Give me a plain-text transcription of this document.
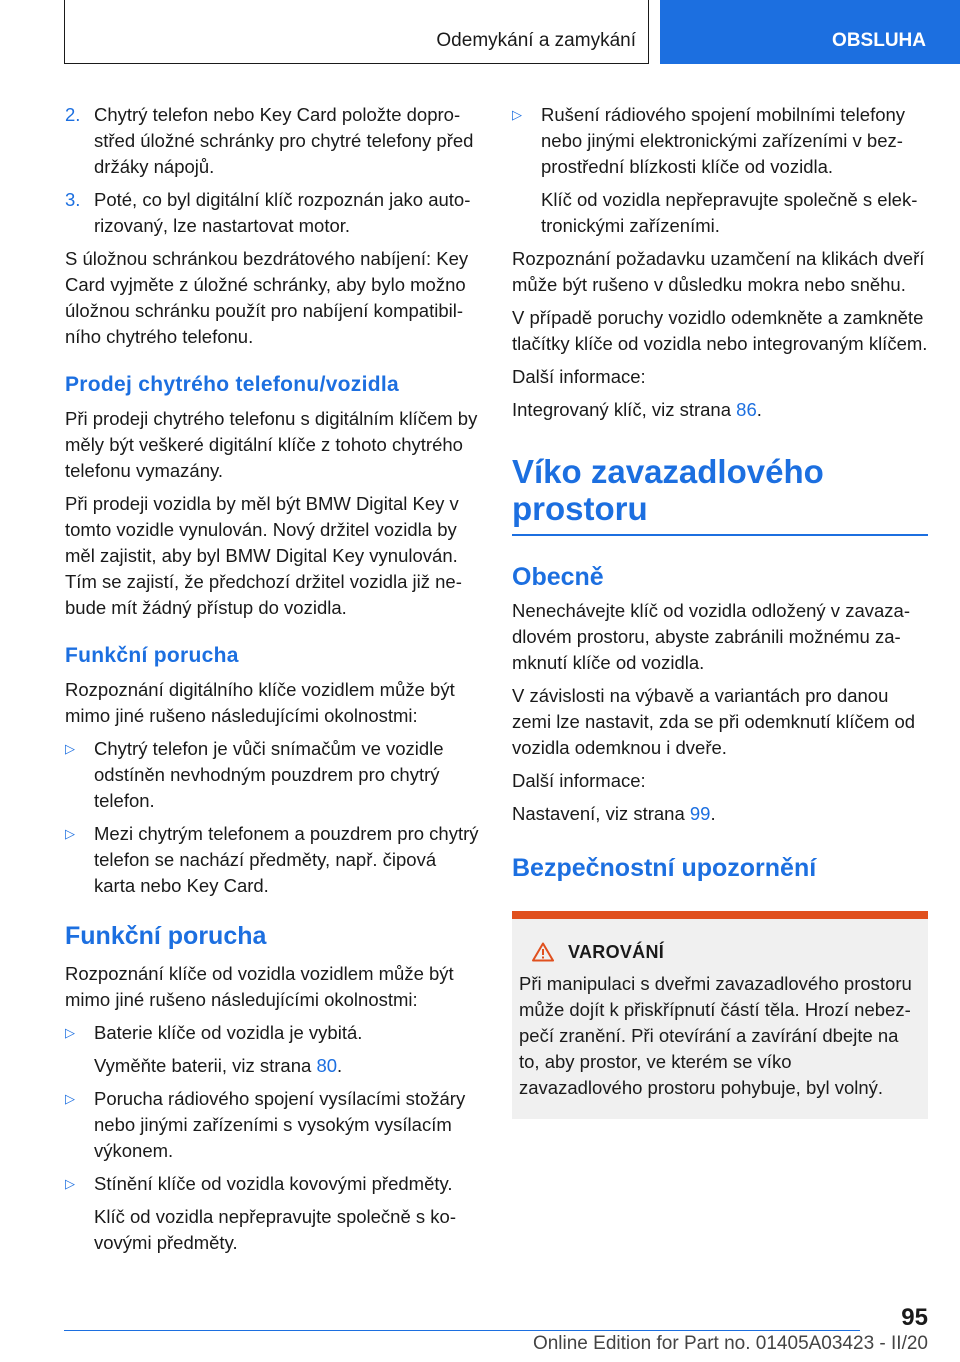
Odemykání a zamykání	OBSLUHA
2. Chytrý telefon nebo Key Card položte doprostřed úložné schránky pro chytré telefony před držáky nápojů.
3. Poté, co byl digitální klíč rozpoznán jako autorizovaný, lze nastartovat motor.

S úložnou schránkou bezdrátového nabíjení: Key Card vyjměte z úložné schránky, aby bylo možno úložnou schránku použít pro nabíjení kompatibilního chytrého telefonu.

Prodej chytrého telefonu/vozidla

Při prodeji chytrého telefonu s digitálním klíčem by měly být veškeré digitální klíče z tohoto chytrého telefonu vymazány.

Při prodeji vozidla by měl být BMW Digital Key v tomto vozidle vynulován. Nový držitel vozidla by měl zajistit, aby byl BMW Digital Key vynulován. Tím se zajistí, že předchozí držitel vozidla již nebude mít žádný přístup do vozidla.

Funkční porucha

Rozpoznání digitálního klíče vozidlem může být mimo jiné rušeno následujícími okolnostmi:

▷	Chytrý telefon je vůči snímačům ve vozidle odstíněn nevhodným pouzdrem pro chytrý telefon.

▷	Mezi chytrým telefonem a pouzdrem pro chytrý telefon se nachází předměty, např. čipová karta nebo Key Card.

Funkční porucha

Rozpoznání klíče od vozidla vozidlem může být mimo jiné rušeno následujícími okolnostmi:

▷	Baterie klíče od vozidla je vybitá.

Vyměňte baterii, viz strana 80.

▷	Porucha rádiového spojení vysílacími stožáry nebo jinými zařízeními s vysokým vysílacím výkonem.

▷	Stínění klíče od vozidla kovovými předměty.

Klíč od vozidla nepřepravujte společně s kovovými předměty.

▷	Rušení rádiového spojení mobilními telefony nebo jinými elektronickými zařízeními v bezprostřední blízkosti klíče od vozidla.

Klíč od vozidla nepřepravujte společně s elektronickými zařízeními.

Rozpoznání požadavku uzamčení na klikách dveří může být rušeno v důsledku mokra nebo sněhu.

V případě poruchy vozidlo odemkněte a zamkněte tlačítky klíče od vozidla nebo integrovaným klíčem.

Další informace:

Integrovaný klíč, viz strana 86.

Víko zavazadlového prostoru
Obecně

Nenechávejte klíč od vozidla odložený v zavazadlovém prostoru, abyste zabránili možnému zamknutí klíče od vozidla.

V závislosti na výbavě a variantách pro danou zemi lze nastavit, zda se při odemknutí klíčem od vozidla odemknou i dveře.

Další informace:

Nastavení, viz strana 99.

Bezpečnostní upozornění
VAROVÁNÍ

Při manipulaci s dveřmi zavazadlového prostoru může dojít k přiskřípnutí částí těla. Hrozí nebezpečí zranění. Při otevírání a zavírání dbejte na to, aby prostor, ve kterém se víko zavazadlového prostoru pohybuje, byl volný.

95
Online Edition for Part no. 01405A03423 - II/20
